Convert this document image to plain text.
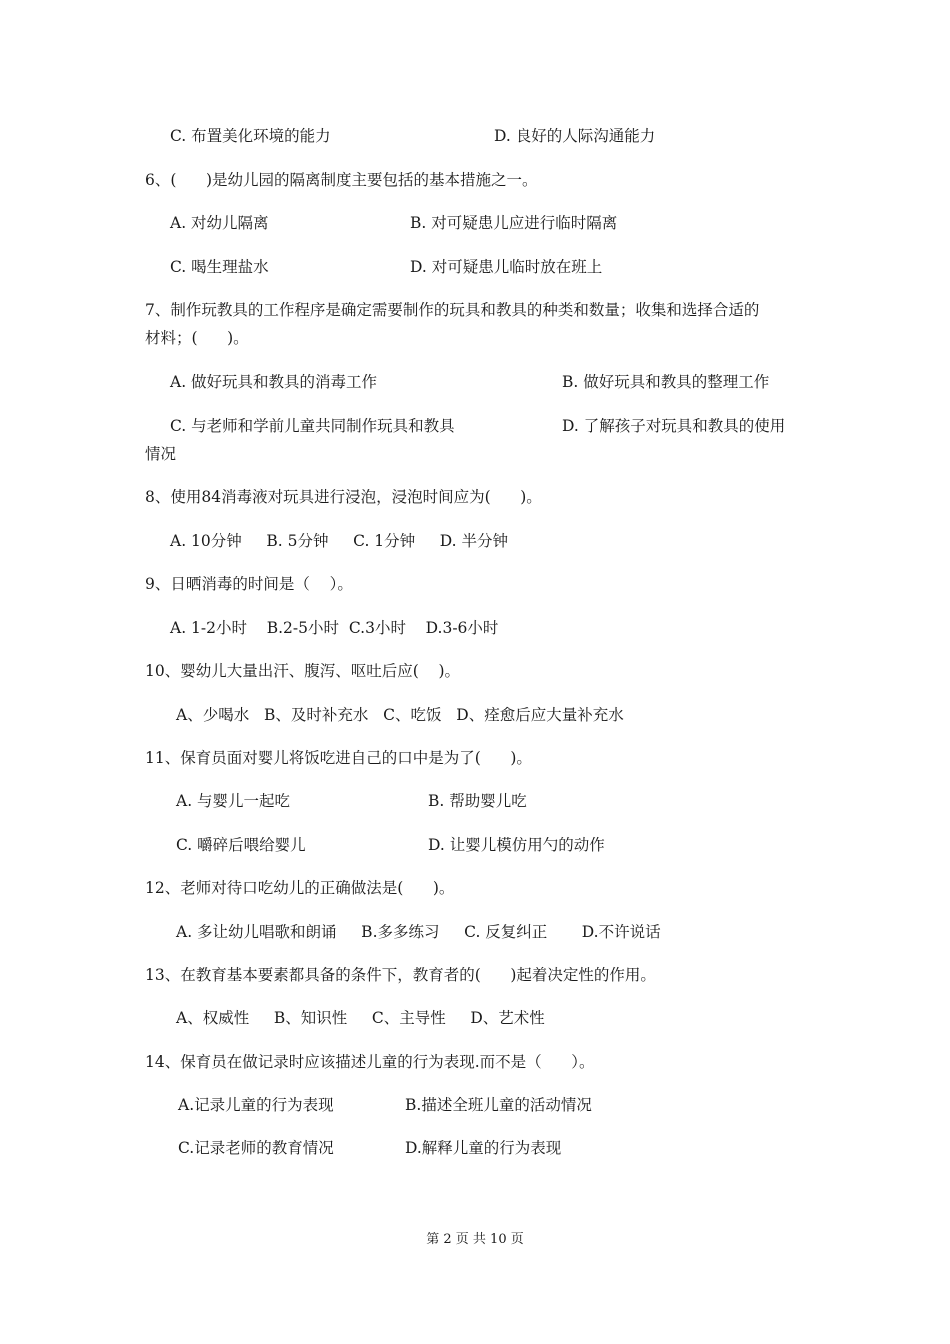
C. 布置美化环境的能力	D. 良好的人际沟通能力
6、(      )是幼儿园的隔离制度主要包括的基本措施之一。
A. 对幼儿隔离	B. 对可疑患儿应进行临时隔离
C. 喝生理盐水	D. 对可疑患儿临时放在班上
7、制作玩教具的工作程序是确定需要制作的玩具和教具的种类和数量；收集和选择合适的
材料；(      )。
A. 做好玩具和教具的消毒工作	B. 做好玩具和教具的整理工作
C. 与老师和学前儿童共同制作玩具和教具	D. 了解孩子对玩具和教具的使用
情况
8、使用84消毒液对玩具进行浸泡，浸泡时间应为(      )。
A. 10分钟     B. 5分钟     C. 1分钟     D. 半分钟
9、日晒消毒的时间是（    ）。
A. 1-2小时    B.2-5小时  C.3小时    D.3-6小时
10、婴幼儿大量出汗、腹泻、呕吐后应(    )。
A、少喝水   B、及时补充水   C、吃饭   D、痊愈后应大量补充水
11、保育员面对婴儿将饭吃进自己的口中是为了(      )。
A. 与婴儿一起吃	B. 帮助婴儿吃
C. 嚼碎后喂给婴儿	D. 让婴儿模仿用勺的动作
12、老师对待口吃幼儿的正确做法是(      )。
A. 多让幼儿唱歌和朗诵     B.多多练习     C. 反复纠正       D.不许说话
13、在教育基本要素都具备的条件下，教育者的(      )起着决定性的作用。
A、权威性     B、知识性     C、主导性     D、艺术性
14、保育员在做记录时应该描述儿童的行为表现.而不是（      ）。
A.记录儿童的行为表现	B.描述全班儿童的活动情况
C.记录老师的教育情况	D.解释儿童的行为表现
第 2 页 共 10 页
